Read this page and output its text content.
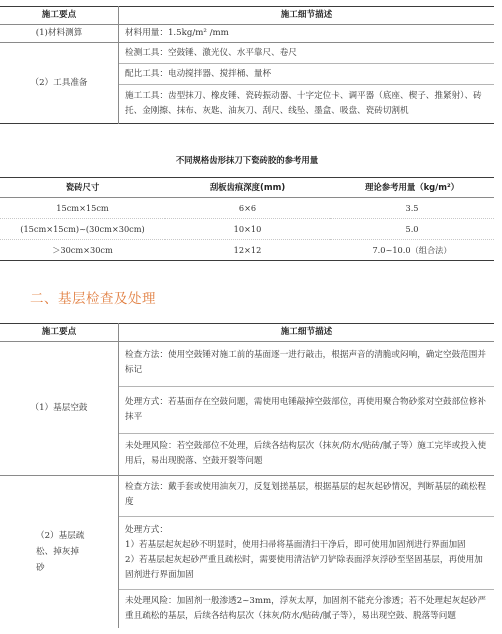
施工要点	施工细节描述
(1)材料测算	材料用量：1.5kg/m² /mm
（2）工具准备	检测工具：空鼓锤、激光仪、水平靠尺、卷尺
配比工具：电动搅拌器、搅拌桶、量杯
施工工具：齿型抹刀、橡皮锤、瓷砖振动器、十字定位卡、调平器（底座、楔子、推紧射）、砖托、金刚擦、抹布、灰匙、油灰刀、刮尺、线坠、墨盒、吸盘、瓷砖切割机
不同规格齿形抹刀下瓷砖胶的参考用量
瓷砖尺寸	刮板齿痕深度(mm)	理论参考用量（kg/m²）
15cm×15cm	6×6	3.5
(15cm×15cm)~(30cm×30cm)	10×10	5.0
＞30cm×30cm	12×12	7.0~10.0（组合法）
二、基层检查及处理
施工要点	施工细节描述
（1）基层空鼓	检查方法：使用空鼓锤对施工前的基面逐一进行敲击，根据声音的清脆或闷响，确定空鼓范围并标记
处理方式：若基面存在空鼓问题，需使用电锤敲掉空鼓部位，再使用聚合物砂浆对空鼓部位修补抹平
未处理风险：若空鼓部位不处理，后续各结构层次（抹灰/防水/贴砖/腻子等）施工完毕或投入使用后，易出现脱落、空鼓开裂等问题

（2）基层疏松、掉灰掉砂	检查方法：戴手套或使用油灰刀，反复划搓基层，根据基层的起灰起砂情况，判断基层的疏松程度
处理方式：
1）若基层起灰起砂不明显时，使用扫帚将基面清扫干净后，即可使用加固剂进行界面加固
2）若基层起灰起砂严重且疏松时，需要使用清洁铲刀铲除表面浮灰浮砂至坚固基层，再使用加固剂进行界面加固
未处理风险：加固剂一般渗透2~3mm，浮灰太厚，加固剂不能充分渗透；若不处理起灰起砂严重且疏松的基层，后续各结构层次（抹灰/防水/贴砖/腻子等），易出现空鼓、脱落等问题
